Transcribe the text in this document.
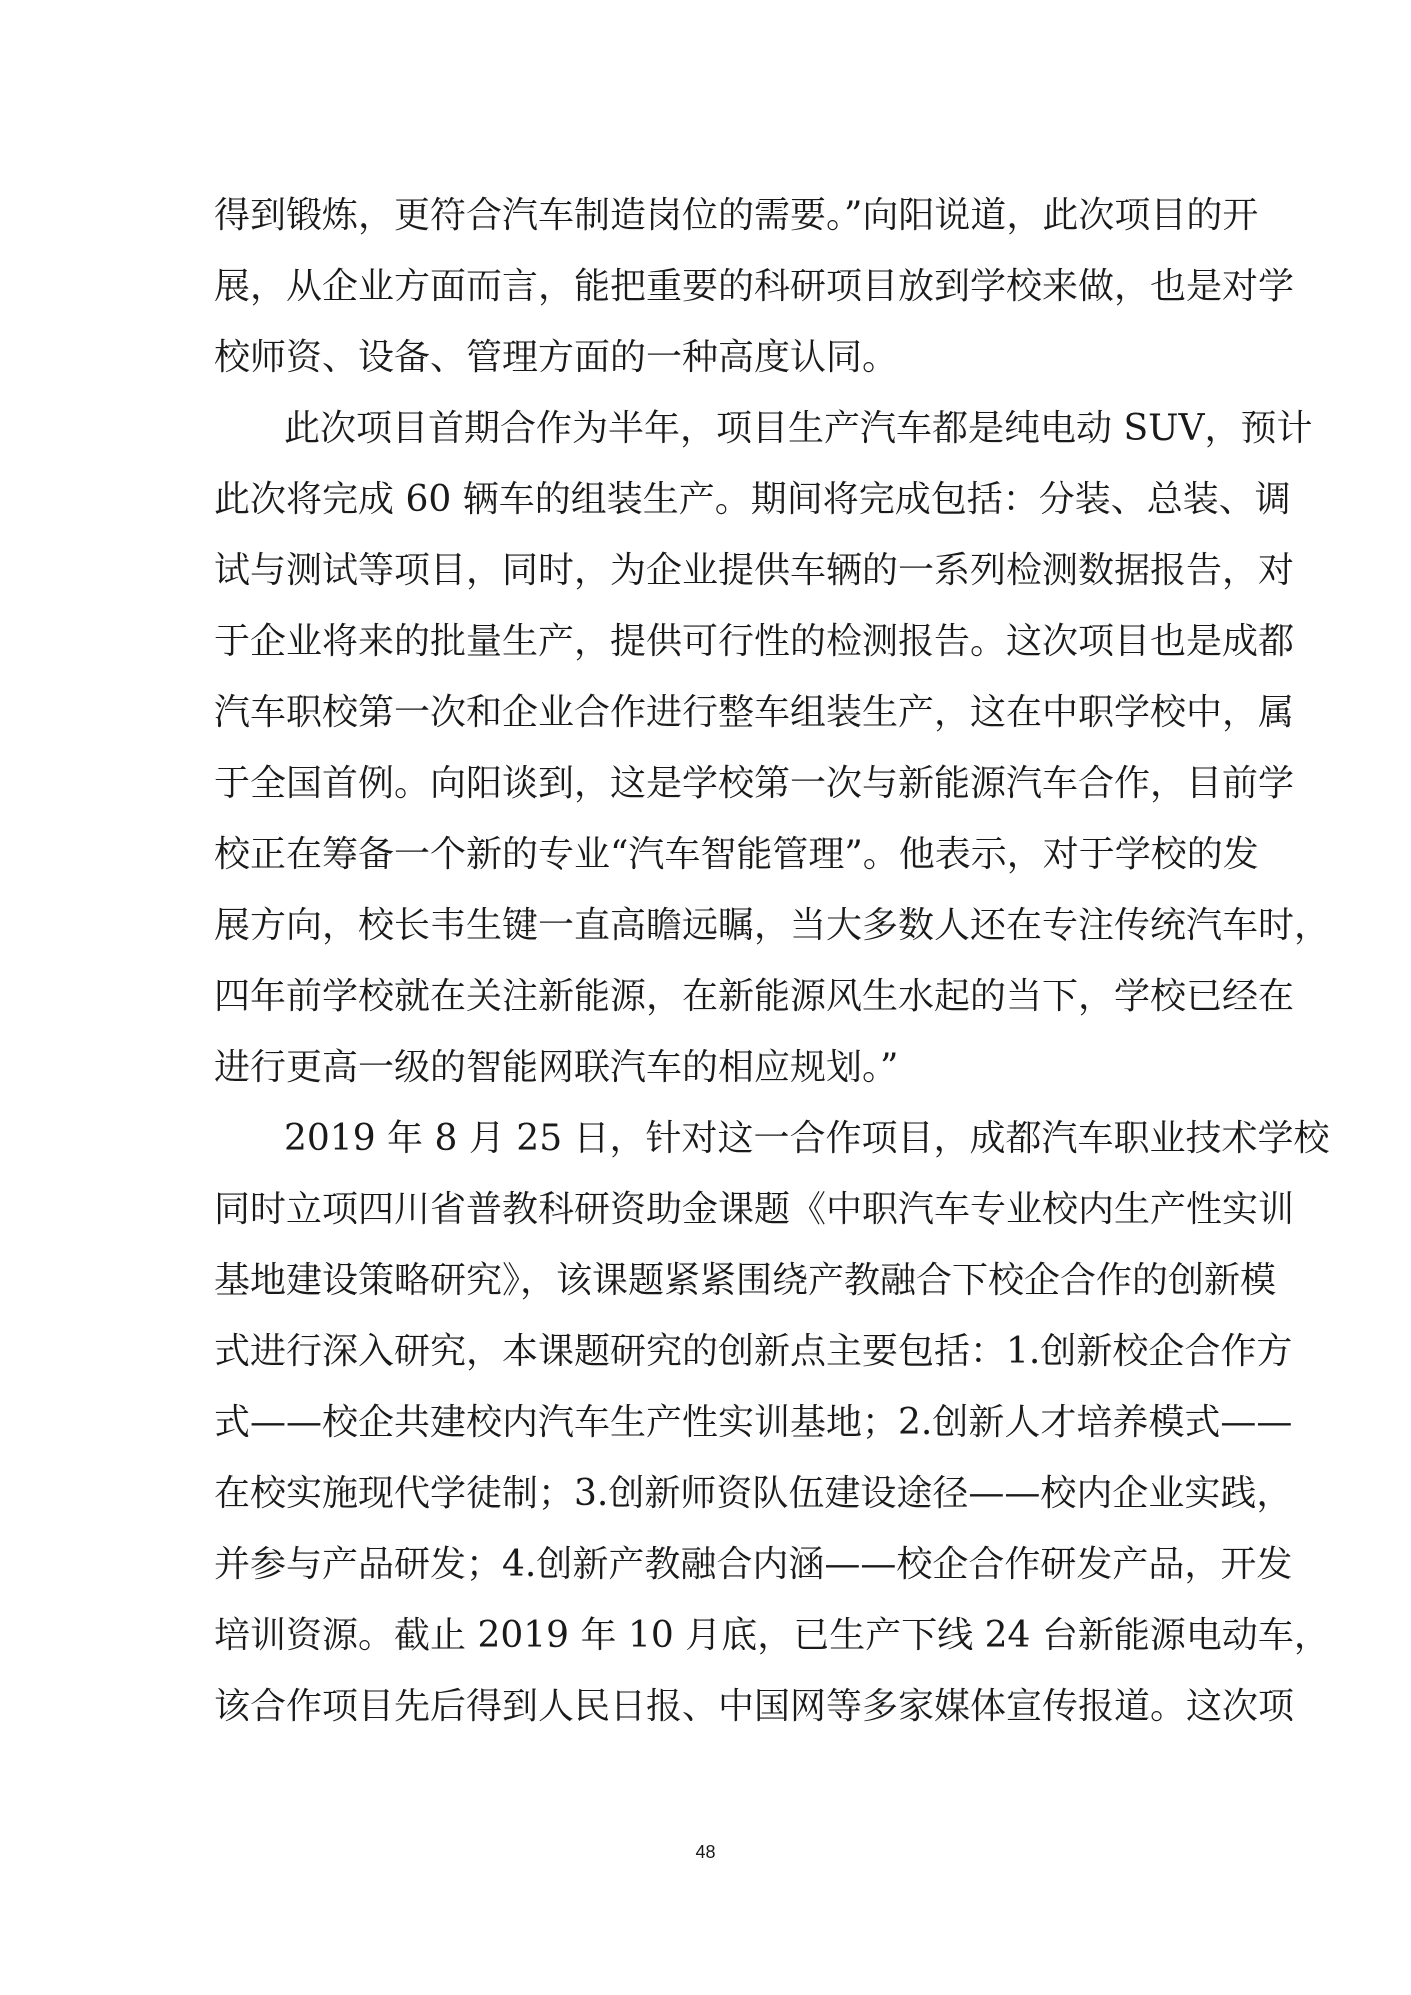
得到锻炼，更符合汽车制造岗位的需要。”向阳说道，此次项目的开
展，从企业方面而言，能把重要的科研项目放到学校来做，也是对学
校师资、设备、管理方面的一种高度认同。
此次项目首期合作为半年，项目生产汽车都是纯电动 SUV，预计
此次将完成 60 辆车的组装生产。期间将完成包括：分装、总装、调
试与测试等项目，同时，为企业提供车辆的一系列检测数据报告，对
于企业将来的批量生产，提供可行性的检测报告。这次项目也是成都
汽车职校第一次和企业合作进行整车组装生产，这在中职学校中，属
于全国首例。向阳谈到，这是学校第一次与新能源汽车合作，目前学
校正在筹备一个新的专业“汽车智能管理”。他表示，对于学校的发
展方向，校长韦生键一直高瞻远瞩，当大多数人还在专注传统汽车时，
四年前学校就在关注新能源，在新能源风生水起的当下，学校已经在
进行更高一级的智能网联汽车的相应规划。”
2019 年 8 月 25 日，针对这一合作项目，成都汽车职业技术学校
同时立项四川省普教科研资助金课题《中职汽车专业校内生产性实训
基地建设策略研究》，该课题紧紧围绕产教融合下校企合作的创新模
式进行深入研究，本课题研究的创新点主要包括：1.创新校企合作方
式——校企共建校内汽车生产性实训基地；2.创新人才培养模式——
在校实施现代学徒制；3.创新师资队伍建设途径——校内企业实践，
并参与产品研发；4.创新产教融合内涵——校企合作研发产品，开发
培训资源。截止 2019 年 10 月底，已生产下线 24 台新能源电动车，
该合作项目先后得到人民日报、中国网等多家媒体宣传报道。这次项
48
